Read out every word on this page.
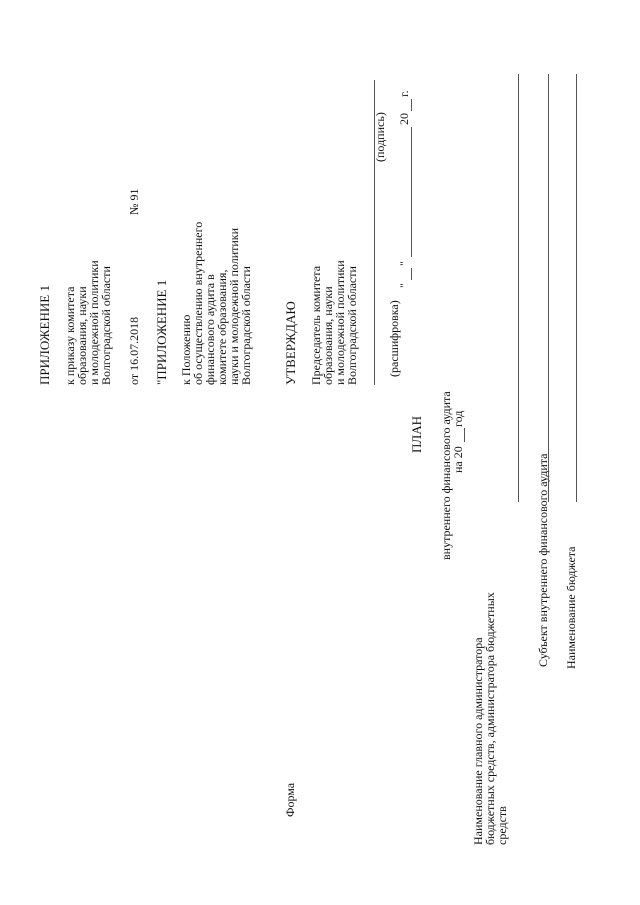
ПРИЛОЖЕНИЕ 1 к приказу комитета
образования, науки
и молодежной политики
Волгоградской области от 16.07.2018
№ 91
"ПРИЛОЖЕНИЕ 1 к Положению
об осуществлению внутреннего
финансового аудита в
комитете образования,
науки и молодежной политики
Волгоградской области УТВЕРЖДАЮ Председатель комитета
образования, науки
и молодежной политики
Волгоградской области (расшифровка)
(подпись)
"
"
20
г.
ПЛАН внутреннего финансового аудита
на 20
год
Форма	Наименование главного администратора
бюджетных средств, администратора бюджетных
средств
Субъект внутреннего финансового аудита Наименование бюджета
